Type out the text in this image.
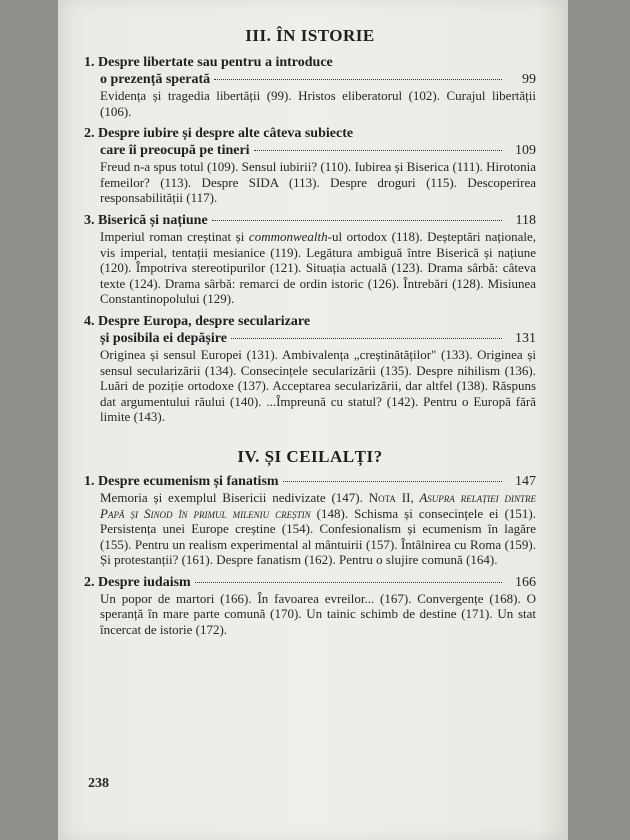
III. ÎN ISTORIE
1. Despre libertate sau pentru a introduce
o prezență sperată	99
Evidența și tragedia libertății (99). Hristos eliberatorul (102). Curajul libertății (106).
2. Despre iubire și despre alte câteva subiecte
care îi preocupă pe tineri	109
Freud n-a spus totul (109). Sensul iubirii? (110). Iubirea și Biserica (111). Hirotonia femeilor? (113). Despre SIDA (113). Despre droguri (115). Descoperirea responsabilității (117).
3. Biserică și națiune	118
Imperiul roman creștinat și commonwealth-ul ortodox (118). Deșteptări naționale, vis imperial, tentații mesianice (119). Legătura ambiguă între Biserică și națiune (120). Împotriva stereotipurilor (121). Situația actuală (123). Drama sârbă: câteva texte (124). Drama sârbă: remarci de ordin istoric (126). Întrebări (128). Misiunea Constantinopolului (129).
4. Despre Europa, despre secularizare
și posibila ei depășire	131
Originea și sensul Europei (131). Ambivalența „creștinătăților" (133). Originea și sensul secularizării (134). Consecințele secularizării (135). Despre nihilism (136). Luări de poziție ortodoxe (137). Acceptarea secularizării, dar altfel (138). Răspuns dat argumentului răului (140). ...Împreună cu statul? (142). Pentru o Europă fără limite (143).
IV. ȘI CEILALȚI?
1. Despre ecumenism și fanatism	147
Memoria și exemplul Bisericii nedivizate (147). Nota II, Asupra relației dintre Papă și Sinod în primul mileniu creștin (148). Schisma și consecințele ei (151). Persistența unei Europe creștine (154). Confesionalism și ecumenism în lagăre (155). Pentru un realism experimental al mântuirii (157). Întâlnirea cu Roma (159). Și protestanții? (161). Despre fanatism (162). Pentru o slujire comună (164).
2. Despre iudaism	166
Un popor de martori (166). În favoarea evreilor... (167). Convergențe (168). O speranță în mare parte comună (170). Un tainic schimb de destine (171). Un stat încercat de istorie (172).
238
